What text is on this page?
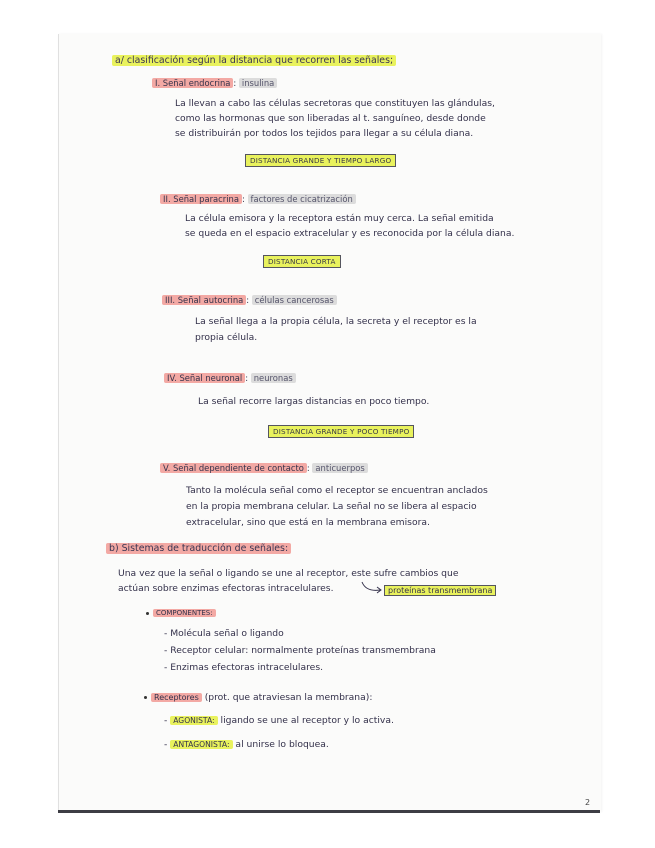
a/ clasificación según la distancia que recorren las señales;
I. Señal endocrina : insulina
La llevan a cabo las células secretoras que constituyen las glándulas,
como las hormonas que son liberadas al t. sanguíneo, desde donde
se distribuirán por todos los tejidos para llegar a su célula diana.
DISTANCIA GRANDE Y TIEMPO LARGO
II. Señal paracrina : factores de cicatrización
La célula emisora y la receptora están muy cerca. La señal emitida
se queda en el espacio extracelular y es reconocida por la célula diana.
DISTANCIA CORTA
III. Señal autocrina : células cancerosas
La señal llega a la propia célula, la secreta y el receptor es la
propia célula.
IV. Señal neuronal : neuronas
La señal recorre largas distancias en poco tiempo.
DISTANCIA GRANDE Y POCO TIEMPO
V. Señal dependiente de contacto : anticuerpos
Tanto la molécula señal como el receptor se encuentran anclados
en la propia membrana celular. La señal no se libera al espacio
extracelular, sino que está en la membrana emisora.
b) Sistemas de traducción de señales:
Una vez que la señal o ligando se une al receptor, este sufre cambios que
actúan sobre enzimas efectoras intracelulares.	proteínas transmembrana
COMPONENTES:
- Molécula señal o ligando
- Receptor celular: normalmente proteínas transmembrana
- Enzimas efectoras intracelulares.
Receptores (prot. que atraviesan la membrana):
- AGONISTA: ligando se une al receptor y lo activa.
- ANTAGONISTA: al unirse lo bloquea.
2
